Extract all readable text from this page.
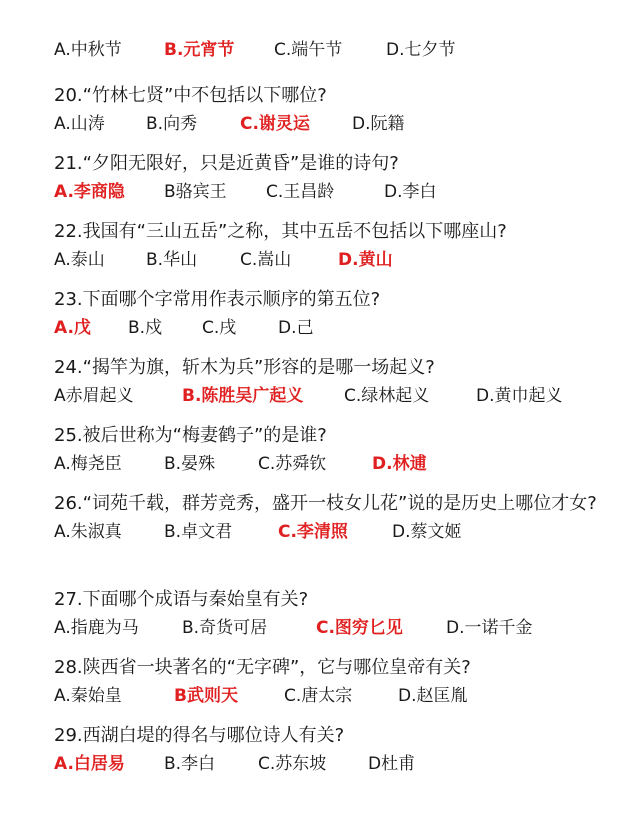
A.中秋节 B.元宵节 C.端午节	D.七夕节
20.“竹林七贤”中不包括以下哪位?
A.山涛 B.向秀	C.谢灵运 D.阮籍
21.“夕阳无限好，只是近黄昏”是谁的诗句?
A.李商隐 B骆宾王 C.王昌龄	D.李白
22.我国有“三山五岳”之称，其中五岳不包括以下哪座山?
A.泰山 B.华山	C.嵩山	D.黄山
23.下面哪个字常用作表示顺序的第五位?
A.戊 B.戍 C.戌 D.己
24.“揭竿为旗，斩木为兵”形容的是哪一场起义?
A赤眉起义	B.陈胜吴广起义 C.绿林起义	D.黄巾起义
25.被后世称为“梅妻鹤子”的是谁?
A.梅尧臣 B.晏殊	C.苏舜钦	D.林逋
26.“词苑千载，群芳竞秀，盛开一枝女儿花”说的是历史上哪位才女?
A.朱淑真 B.卓文君	C.李清照	D.蔡文姬
27.下面哪个成语与秦始皇有关?
A.指鹿为马	B.奇货可居	C.图穷匕见	D.一诺千金
28.陕西省一块著名的“无字碑”，它与哪位皇帝有关?
A.秦始皇	B武则天	C.唐太宗	D.赵匡胤
29.西湖白堤的得名与哪位诗人有关?
A.白居易 B.李白	C.苏东坡 D杜甫
